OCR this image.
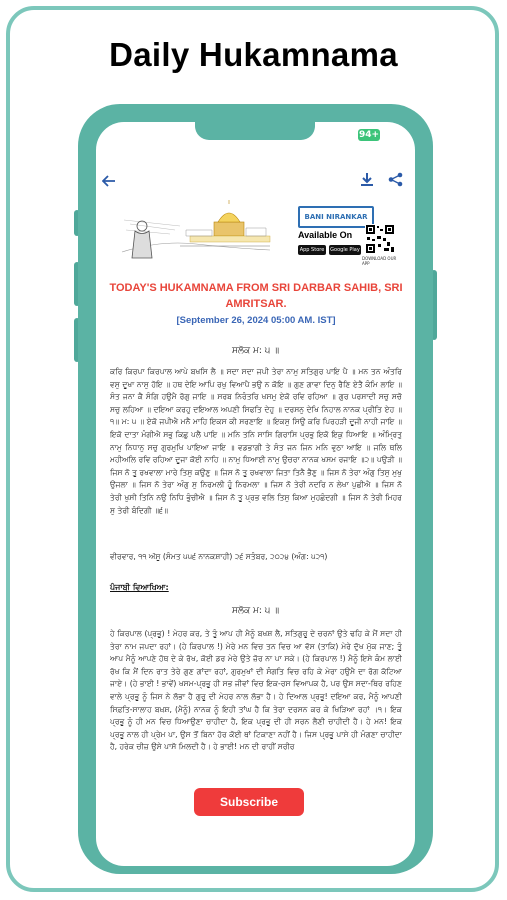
Daily Hukamnama
94+
BANI NIRANKAR
Available On
App Store	Google Play
DOWNLOAD OUR APP
TODAY'S HUKAMNAMA FROM SRI DARBAR SAHIB, SRI AMRITSAR.
[September 26, 2024 05:00 AM. IST]
ਸਲੋਕ ਮ: ੫ ॥
ਕਰਿ ਕਿਰਪਾ ਕਿਰਪਾਲ ਆਪੇ ਬਖਸਿ ਲੈ ॥ ਸਦਾ ਸਦਾ ਜਪੀ ਤੇਰਾ ਨਾਮੁ ਸਤਿਗੁਰ ਪਾਇ ਪੈ ॥ ਮਨ ਤਨ ਅੰਤਰਿ ਵਸੁ ਦੂਖਾ ਨਾਸੁ ਹੋਇ ॥ ਹਥ ਦੇਇ ਆਪਿ ਰਖੁ ਵਿਆਪੈ ਭਉ ਨ ਕੋਇ ॥ ਗੁਣ ਗਾਵਾ ਦਿਨੁ ਰੈਣਿ ਏਤੈ ਕੰਮਿ ਲਾਇ ॥ ਸੰਤ ਜਨਾ ਕੈ ਸੰਗਿ ਹਉਮੈ ਰੋਗੁ ਜਾਇ ॥ ਸਰਬ ਨਿਰੰਤਰਿ ਖਸਮੁ ਏਕੋ ਰਵਿ ਰਹਿਆ ॥ ਗੁਰ ਪਰਸਾਦੀ ਸਚੁ ਸਚੋ ਸਚੁ ਲਹਿਆ ॥ ਦਇਆ ਕਰਹੁ ਦਇਆਲ ਅਪਣੀ ਸਿਫਤਿ ਦੇਹੁ ॥ ਦਰਸਨੁ ਦੇਖਿ ਨਿਹਾਲ ਨਾਨਕ ਪ੍ਰੀਤਿ ਏਹ ॥੧॥ ਮ: ੫ ॥ ਏਕੋ ਜਪੀਐ ਮਨੈ ਮਾਹਿ ਇਕਸ ਕੀ ਸਰਣਾਇ ॥ ਇਕਸੁ ਸਿਉ ਕਰਿ ਪਿਰਹੜੀ ਦੂਜੀ ਨਾਹੀ ਜਾਇ ॥ ਇਕੋ ਦਾਤਾ ਮੰਗੀਐ ਸਭੁ ਕਿਛੁ ਪਲੈ ਪਾਇ ॥ ਮਨਿ ਤਨਿ ਸਾਸਿ ਗਿਰਾਸਿ ਪ੍ਰਭੁ ਇਕੋ ਇਕੁ ਧਿਆਇ ॥ ਅੰਮ੍ਰਿਤੁ ਨਾਮੁ ਨਿਧਾਨੁ ਸਚੁ ਗੁਰਮੁਖਿ ਪਾਇਆ ਜਾਇ ॥ ਵਡਭਾਗੀ ਤੇ ਸੰਤ ਜਨ ਜਿਨ ਮਨਿ ਵੁਠਾ ਆਇ ॥ ਜਲਿ ਥਲਿ ਮਹੀਅਲਿ ਰਵਿ ਰਹਿਆ ਦੂਜਾ ਕੋਈ ਨਾਹਿ ॥ ਨਾਮੁ ਧਿਆਈ ਨਾਮੁ ਉਚਰਾ ਨਾਨਕ ਖਸਮ ਰਜਾਇ ॥੨॥ ਪਉੜੀ ॥ ਜਿਸ ਨੋ ਤੂ ਰਖਵਾਲਾ ਮਾਰੇ ਤਿਸੁ ਕਉਣੁ ॥ ਜਿਸ ਨੋ ਤੂ ਰਖਵਾਲਾ ਜਿਤਾ ਤਿਨੈ ਭੈਣੁ ॥ ਜਿਸ ਨੋ ਤੇਰਾ ਅੰਗੁ ਤਿਸੁ ਮੁਖੁ ਉਜਲਾ ॥ ਜਿਸ ਨੋ ਤੇਰਾ ਅੰਗੁ ਸੁ ਨਿਰਮਲੀ ਹੂੰ ਨਿਰਮਲਾ ॥ ਜਿਸ ਨੋ ਤੇਰੀ ਨਦਰਿ ਨ ਲੇਖਾ ਪੁਛੀਐ ॥ ਜਿਸ ਨੋ ਤੇਰੀ ਖੁਸੀ ਤਿਨਿ ਨਉ ਨਿਧਿ ਭੁੰਚੀਐ ॥ ਜਿਸ ਨੋ ਤੂ ਪ੍ਰਭ ਵਲਿ ਤਿਸੁ ਕਿਆ ਮੁਹਛੰਦਗੀ ॥ ਜਿਸ ਨੋ ਤੇਰੀ ਮਿਹਰ ਸੁ ਤੇਰੀ ਬੰਦਿਗੀ ॥੬॥
ਵੀਰਵਾਰ, ੧੧ ਅੱਸੂ (ਸੰਮਤ ੫੫੬ ਨਾਨਕਸ਼ਾਹੀ) ੨੬ ਸਤੰਬਰ, ੨੦੨੪ (ਅੰਗ: ੫੨੧)
ਪੰਜਾਬੀ ਵਿਆਖਿਆ:
ਸਲੋਕ ਮ: ੫ ॥
ਹੇ ਕਿਰਪਾਲ (ਪ੍ਰਭੂ) ! ਮੇਹਰ ਕਰ, ਤੇ ਤੂੰ ਆਪ ਹੀ ਮੈਨੂੰ ਬਖਸ਼ ਲੈ, ਸਤਿਗੁਰੂ ਦੇ ਚਰਨਾਂ ਉਤੇ ਢਹਿ ਕੇ ਮੈਂ ਸਦਾ ਹੀ ਤੇਰਾ ਨਾਮ ਜਪਦਾ ਰਹਾਂ। (ਹੇ ਕਿਰਪਾਲ !) ਮੇਰੇ ਮਨ ਵਿਚ ਤਨ ਵਿਚ ਆ ਵੱਸ (ਤਾਕਿ) ਮੇਰੇ ਦੁੱਖ ਮੁੱਕ ਜਾਣ; ਤੂੰ ਆਪ ਮੈਨੂੰ ਆਪਣੇ ਹੱਥ ਦੇ ਕੇ ਰੱਖ, ਕੋਈ ਡਰ ਮੇਰੇ ਉਤੇ ਜ਼ੋਰ ਨਾ ਪਾ ਸਕੇ। (ਹੇ ਕਿਰਪਾਲ !) ਮੈਨੂੰ ਇਸੇ ਕੰਮ ਲਾਈ ਰੱਖ ਕਿ ਮੈਂ ਦਿਨ ਰਾਤ ਤੇਰੇ ਗੁਣ ਗਾਂਦਾ ਰਹਾਂ, ਗੁਰਮੁਖਾਂ ਦੀ ਸੰਗਤਿ ਵਿਚ ਰਹਿ ਕੇ ਮੇਰਾ ਹਉਮੈ ਦਾ ਰੋਗ ਕੱਟਿਆ ਜਾਏ। (ਹੇ ਭਾਈ ! ਭਾਵੇਂ) ਖਸਮ-ਪ੍ਰਭੂ ਹੀ ਸਭ ਜੀਵਾਂ ਵਿਚ ਇਕ-ਰਸ ਵਿਆਪਕ ਹੈ, ਪਰ ਉਸ ਸਦਾ-ਥਿਰ ਰਹਿਣ ਵਾਲੇ ਪ੍ਰਭੂ ਨੂੰ ਜਿਸ ਨੇ ਲੱਭਾ ਹੈ ਗੁਰੂ ਦੀ ਮੇਹਰ ਨਾਲ ਲੱਭਾ ਹੈ। ਹੇ ਦਿਆਲ ਪ੍ਰਭੂ! ਦਇਆ ਕਰ, ਮੈਨੂੰ ਆਪਣੀ ਸਿਫ਼ਤਿ-ਸਾਲਾਹ ਬਖ਼ਸ਼, (ਮੈਨੂੰ) ਨਾਨਕ ਨੂੰ ਇਹੀ ਤਾਂਘ ਹੈ ਕਿ ਤੇਰਾ ਦਰਸਨ ਕਰ ਕੇ ਖਿੜਿਆ ਰਹਾਂ ।੧। ਇਕ ਪ੍ਰਭੂ ਨੂੰ ਹੀ ਮਨ ਵਿਚ ਧਿਆਉਣਾ ਚਾਹੀਦਾ ਹੈ, ਇਕ ਪ੍ਰਭੂ ਦੀ ਹੀ ਸਰਨ ਲੈਣੀ ਚਾਹੀਦੀ ਹੈ। ਹੇ ਮਨ! ਇਕ ਪ੍ਰਭੂ ਨਾਲ ਹੀ ਪ੍ਰੇਮ ਪਾ, ਉਸ ਤੋਂ ਬਿਨਾ ਹੋਰ ਕੋਈ ਥਾਂ ਟਿਕਾਣਾ ਨਹੀਂ ਹੈ। ਜਿਸ ਪ੍ਰਭੂ ਪਾਸੇ ਹੀ ਮੰਗਣਾ ਚਾਹੀਦਾ ਹੈ, ਹਰੇਕ ਚੀਜ਼ ਉਸੇ ਪਾਸੋ ਮਿਲਦੀ ਹੈ। ਹੇ ਭਾਈ! ਮਨ ਦੀ ਰਾਹੀਂ ਸਰੀਰ
Subscribe
